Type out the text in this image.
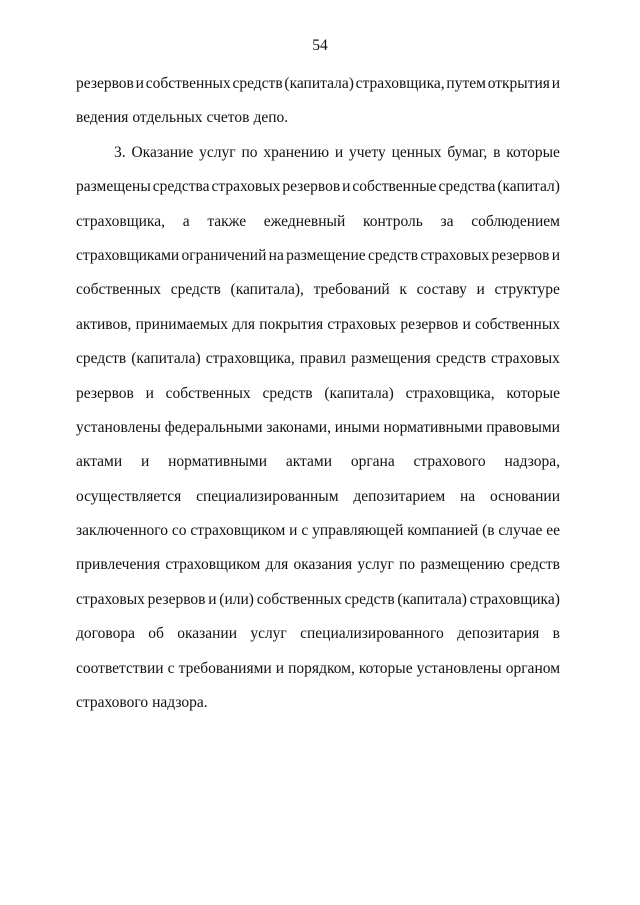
54
резервов и собственных средств (капитала) страховщика, путем открытия и
ведения отдельных счетов депо.
3. Оказание услуг по хранению и учету ценных бумаг, в которые
размещены средства страховых резервов и собственные средства (капитал)
страховщика, а также ежедневный контроль за соблюдением
страховщиками ограничений на размещение средств страховых резервов и
собственных средств (капитала), требований к составу и структуре
активов, принимаемых для покрытия страховых резервов и собственных
средств (капитала) страховщика, правил размещения средств страховых
резервов и собственных средств (капитала) страховщика, которые
установлены федеральными законами, иными нормативными правовыми
актами и нормативными актами органа страхового надзора,
осуществляется специализированным депозитарием на основании
заключенного со страховщиком и с управляющей компанией (в случае ее
привлечения страховщиком для оказания услуг по размещению средств
страховых резервов и (или) собственных средств (капитала) страховщика)
договора об оказании услуг специализированного депозитария в
соответствии с требованиями и порядком, которые установлены органом
страхового надзора.
